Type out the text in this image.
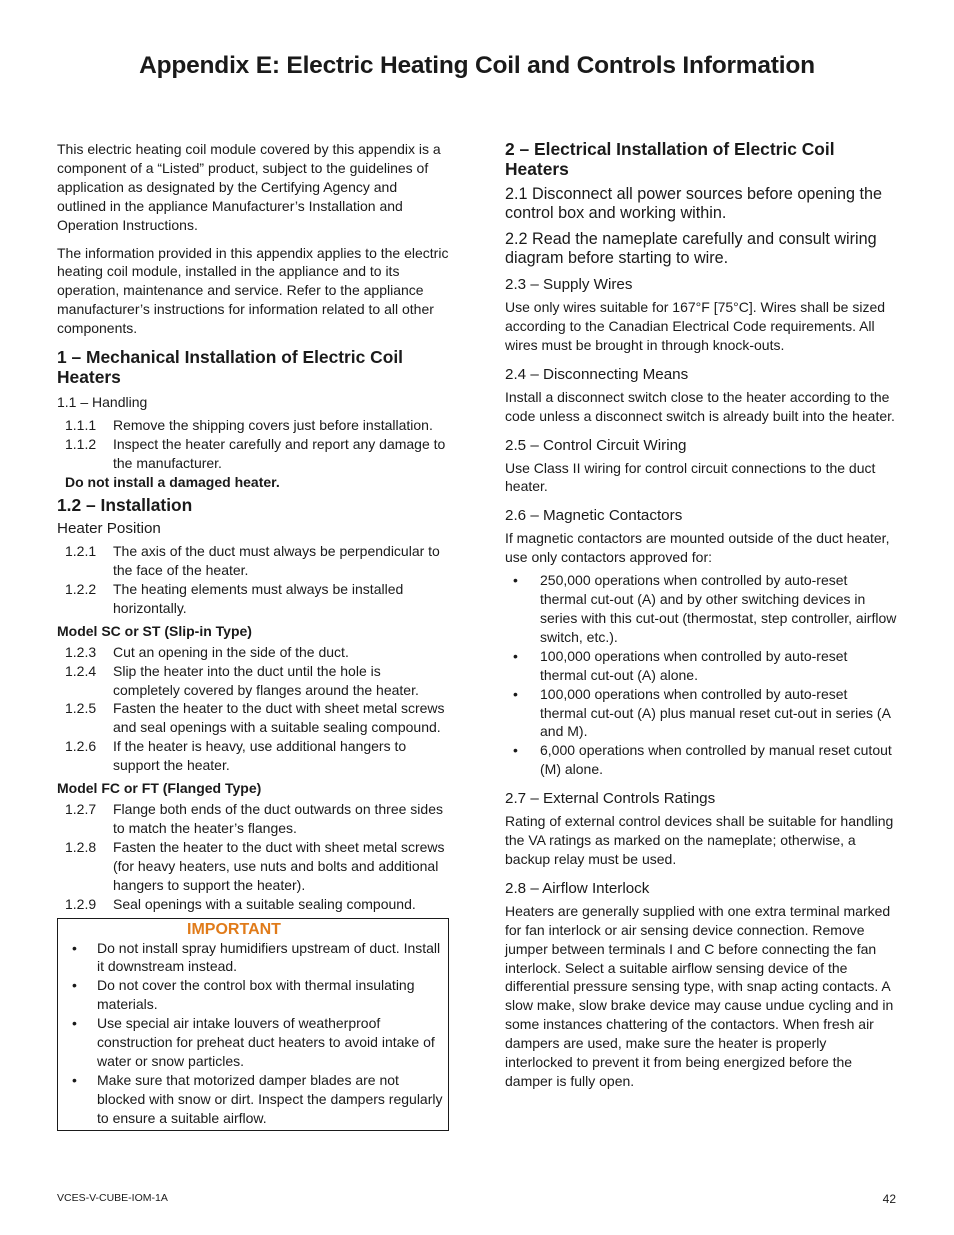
Appendix E: Electric Heating Coil and Controls Information

This electric heating coil module covered by this appendix is a component of a “Listed” product, subject to the guidelines of application as designated by the Certifying Agency and outlined in the appliance Manufacturer’s Installation and Operation Instructions.

The information provided in this appendix applies to the electric heating coil module, installed in the appliance and to its operation, maintenance and service. Refer to the appliance manufacturer’s instructions for information related to all other components.

1 – Mechanical Installation of Electric Coil Heaters
1.1 – Handling
1.1.1	Remove the shipping covers just before installation.
1.1.2	Inspect the heater carefully and report any damage to the manufacturer.
Do not install a damaged heater.
1.2 – Installation
Heater Position
1.2.1	The axis of the duct must always be perpendicular to the face of the heater.
1.2.2	The heating elements must always be installed horizontally.
Model SC or ST (Slip-in Type)
1.2.3	Cut an opening in the side of the duct.
1.2.4	Slip the heater into the duct until the hole is completely covered by flanges around the heater.
1.2.5	Fasten the heater to the duct with sheet metal screws and seal openings with a suitable sealing compound.
1.2.6	If the heater is heavy, use additional hangers to support the heater.
Model FC or FT (Flanged Type)
1.2.7	Flange both ends of the duct outwards on three sides to match the heater’s flanges.
1.2.8	Fasten the heater to the duct with sheet metal screws (for heavy heaters, use nuts and bolts and additional hangers to support the heater).
1.2.9	Seal openings with a suitable sealing compound.
IMPORTANT
•	Do not install spray humidifiers upstream of duct. Install it downstream instead.
•	Do not cover the control box with thermal insulating materials.
•	Use special air intake louvers of weatherproof construction for preheat duct heaters to avoid intake of water or snow particles.
•	Make sure that motorized damper blades are not blocked with snow or dirt. Inspect the dampers regularly to ensure a suitable airflow.
2 – Electrical Installation of Electric Coil Heaters
2.1 Disconnect all power sources before opening the control box and working within.
2.2 Read the nameplate carefully and consult wiring diagram before starting to wire.
2.3 – Supply Wires

Use only wires suitable for 167°F [75°C]. Wires shall be sized according to the Canadian Electrical Code requirements. All wires must be brought in through knock-outs.

2.4 – Disconnecting Means

Install a disconnect switch close to the heater according to the code unless a disconnect switch is already built into the heater.

2.5 – Control Circuit Wiring

Use Class II wiring for control circuit connections to the duct heater.

2.6 – Magnetic Contactors

If magnetic contactors are mounted outside of the duct heater, use only contactors approved for:

•	250,000 operations when controlled by auto-reset thermal cut-out (A) and by other switching devices in series with this cut-out (thermostat, step controller, airflow switch, etc.).
•	100,000 operations when controlled by auto-reset thermal cut-out (A) alone.
•	100,000 operations when controlled by auto-reset thermal cut-out (A) plus manual reset cut-out in series (A and M).
•	6,000 operations when controlled by manual reset cutout (M) alone.
2.7 – External Controls Ratings

Rating of external control devices shall be suitable for handling the VA ratings as marked on the nameplate; otherwise, a backup relay must be used.

2.8 – Airflow Interlock

Heaters are generally supplied with one extra terminal marked for fan interlock or air sensing device connection. Remove jumper between terminals I and C before connecting the fan interlock. Select a suitable airflow sensing device of the differential pressure sensing type, with snap acting contacts. A slow make, slow brake device may cause undue cycling and in some instances chattering of the contactors. When fresh air dampers are used, make sure the heater is properly interlocked to prevent it from being energized before the damper is fully open.

VCES-V-CUBE-IOM-1A	42
